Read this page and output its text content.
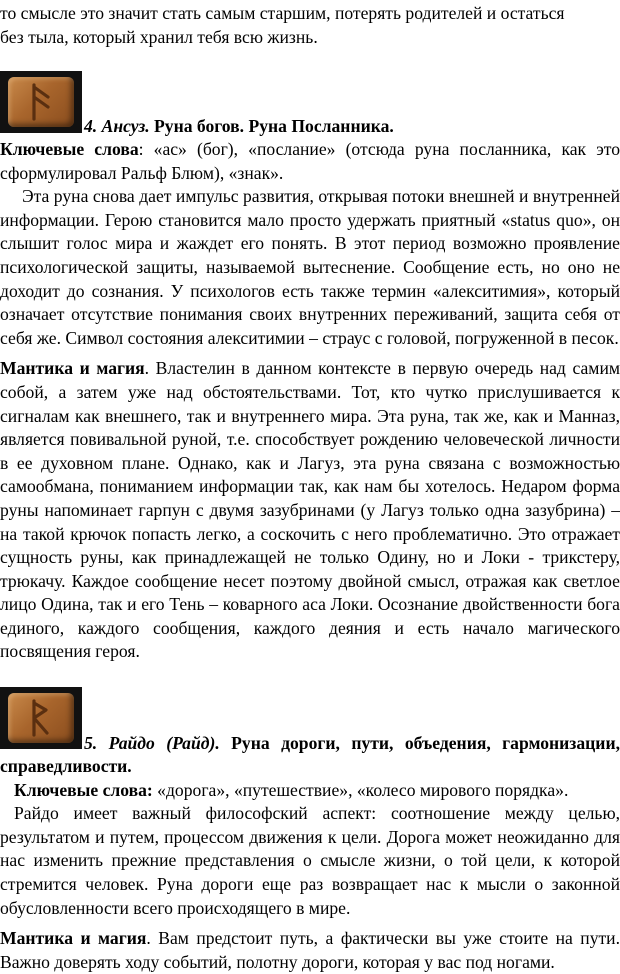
то смысле это значит стать самым старшим, потерять родителей и остаться

без тыла, который хранил тебя всю жизнь.

4. Ансуз. Руна богов. Руна Посланника.

Ключевые слова: «ас» (бог), «послание» (отсюда руна посланника, как это сформулировал Ральф Блюм), «знак».

Эта руна снова дает импульс развития, открывая потоки внешней и внутренней информации. Герою становится мало просто удержать приятный «status quo», он слышит голос мира и жаждет его понять. В этот период возможно проявление психологической защиты, называемой вытеснение. Сообщение есть, но оно не доходит до сознания. У психологов есть также термин «алекситимия», который означает отсутствие понимания своих внутренних переживаний, защита себя от себя же. Символ состояния алекситимии – страус с головой, погруженной в песок.

Мантика и магия. Властелин в данном контексте в первую очередь над самим собой, а затем уже над обстоятельствами. Тот, кто чутко прислушивается к сигналам как внешнего, так и внутреннего мира. Эта руна, так же, как и Манназ, является повивальной руной, т.е. способствует рождению человеческой личности в ее духовном плане. Однако, как и Лагуз, эта руна связана с возможностью самообмана, пониманием информации так, как нам бы хотелось. Недаром форма руны напоминает гарпун с двумя зазубринами (у Лагуз только одна зазубрина) – на такой крючок попасть легко, а соскочить с него проблематично. Это отражает сущность руны, как принадлежащей не только Одину, но и Локи - трикстеру, трюкачу. Каждое сообщение несет поэтому двойной смысл, отражая как светлое лицо Одина, так и его Тень – коварного аса Локи. Осознание двойственности бога единого, каждого сообщения, каждого деяния и есть начало магического посвящения героя.

5. Райдо (Райд). Руна дороги, пути, объедения, гармонизации,

справедливости.

Ключевые слова: «дорога», «путешествие», «колесо мирового порядка».

Райдо имеет важный философский аспект: соотношение между целью, результатом и путем, процессом движения к цели. Дорога может неожиданно для нас изменить прежние представления о смысле жизни, о той цели, к которой стремится человек. Руна дороги еще раз возвращает нас к мысли о законной обусловленности всего происходящего в мире.

Мантика и магия. Вам предстоит путь, а фактически вы уже стоите на пути. Важно доверять ходу событий, полотну дороги, которая у вас под ногами.
